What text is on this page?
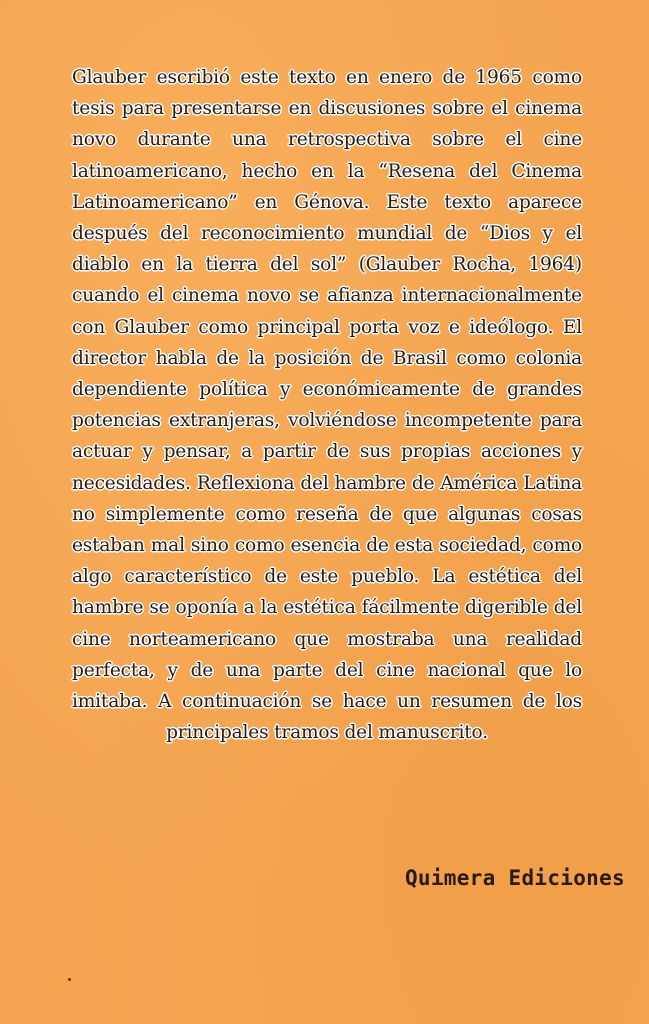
Glauber escribió este texto en enero de 1965 como tesis para presentarse en discusiones sobre el cinema novo durante una retrospectiva sobre el cine latinoamericano, hecho en la “Resena del Cinema Latinoamericano” en Génova. Este texto aparece después del reconocimiento mundial de “Dios y el diablo en la tierra del sol” (Glauber Rocha, 1964) cuando el cinema novo se afianza internacionalmente con Glauber como principal porta voz e ideólogo. El director habla de la posición de Brasil como colonia dependiente política y económicamente de grandes potencias extranjeras, volviéndose incompetente para actuar y pensar, a partir de sus propias acciones y necesidades. Reflexiona del hambre de América Latina no simplemente como reseña de que algunas cosas estaban mal sino como esencia de esta sociedad, como algo característico de este pueblo. La estética del hambre se oponía a la estética fácilmente digerible del cine norteamericano que mostraba una realidad perfecta, y de una parte del cine nacional que lo imitaba. A continuación se hace un resumen de los principales tramos del manuscrito.

Quimera Ediciones
